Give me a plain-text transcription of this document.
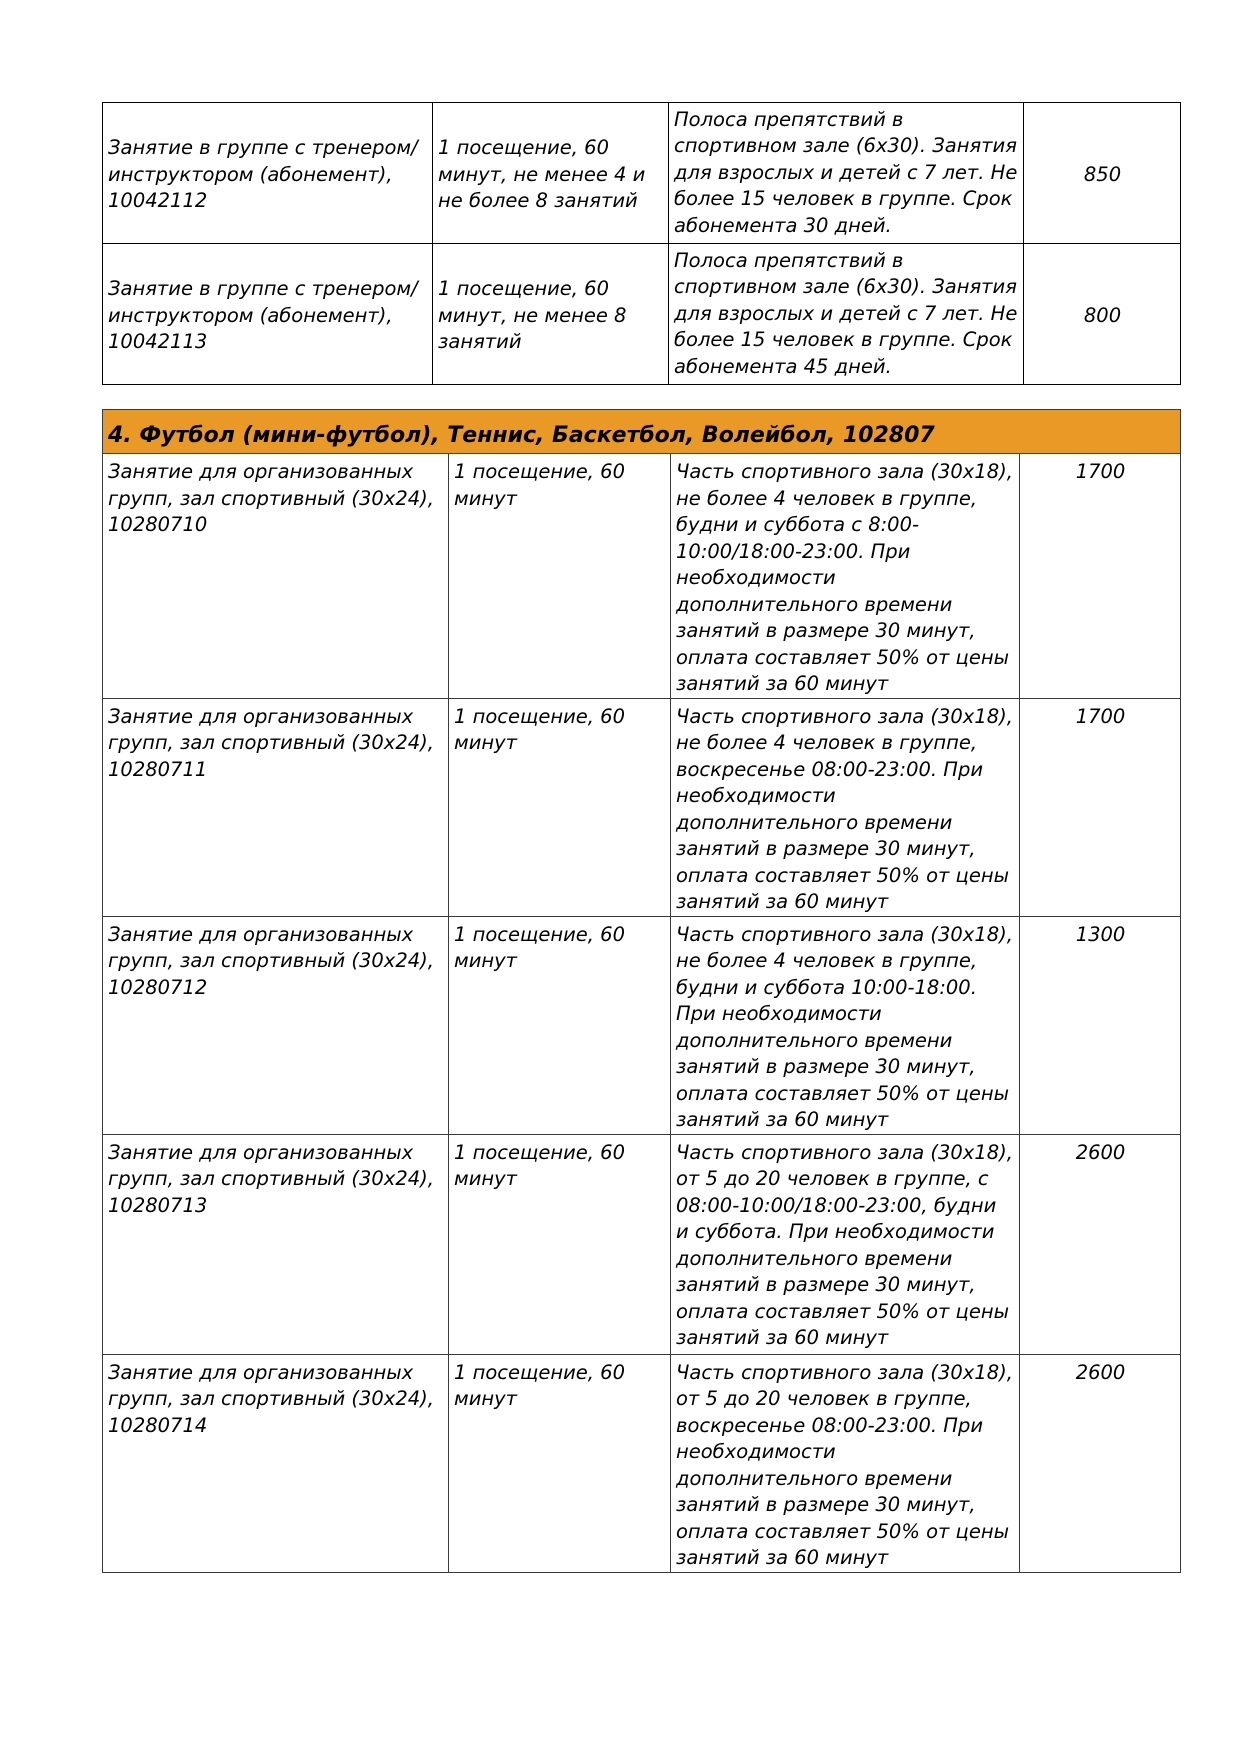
Занятие в группе с тренером/инструктором (абонемент), 10042112	1 посещение, 60 минут, не менее 4 и не более 8 занятий	Полоса препятствий в спортивном зале (6х30). Занятия для взрослых и детей с 7 лет. Не более 15 человек в группе. Срок абонемента 30 дней.	850
Занятие в группе с тренером/инструктором (абонемент), 10042113	1 посещение, 60 минут, не менее 8 занятий	Полоса препятствий в спортивном зале (6х30). Занятия для взрослых и детей с 7 лет. Не более 15 человек в группе. Срок абонемента 45 дней.	800
4. Футбол (мини-футбол), Теннис, Баскетбол, Волейбол, 102807			
Занятие для организованных групп, зал спортивный (30х24), 10280710	1 посещение, 60 минут	Часть спортивного зала (30х18), не более 4 человек в группе, будни и суббота с 8:00-10:00/18:00-23:00. При необходимости дополнительного времени занятий в размере 30 минут, оплата составляет 50% от цены занятий за 60 минут	1700
Занятие для организованных групп, зал спортивный (30х24), 10280711	1 посещение, 60 минут	Часть спортивного зала (30х18), не более 4 человек в группе, воскресенье 08:00-23:00. При необходимости дополнительного времени занятий в размере 30 минут, оплата составляет 50% от цены занятий за 60 минут	1700
Занятие для организованных групп, зал спортивный (30х24), 10280712	1 посещение, 60 минут	Часть спортивного зала (30х18), не более 4 человек в группе, будни и суббота 10:00-18:00. При необходимости дополнительного времени занятий в размере 30 минут, оплата составляет 50% от цены занятий за 60 минут	1300
Занятие для организованных групп, зал спортивный (30х24), 10280713	1 посещение, 60 минут	Часть спортивного зала (30х18), от 5 до 20 человек в группе, с 08:00-10:00/18:00-23:00, будни и суббота. При необходимости дополнительного времени занятий в размере 30 минут, оплата составляет 50% от цены занятий за 60 минут	2600
Занятие для организованных групп, зал спортивный (30х24), 10280714	1 посещение, 60 минут	Часть спортивного зала (30х18), от 5 до 20 человек в группе, воскресенье 08:00-23:00. При необходимости дополнительного времени занятий в размере 30 минут, оплата составляет 50% от цены занятий за 60 минут	2600
